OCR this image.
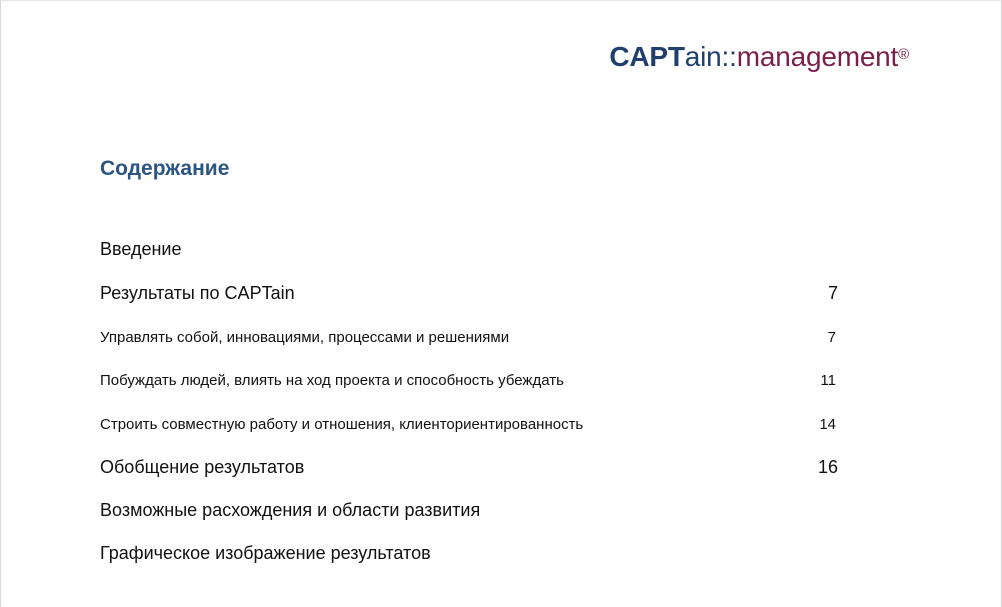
CAPTain::management®
Содержание
Введение
Результаты по CAPTain	7
Управлять собой, инновациями, процессами и решениями	7
Побуждать людей, влиять на ход проекта и способность убеждать	11
Строить совместную работу и отношения, клиенториентированность	14
Обобщение результатов	16
Возможные расхождения и области развития
Графическое изображение результатов
